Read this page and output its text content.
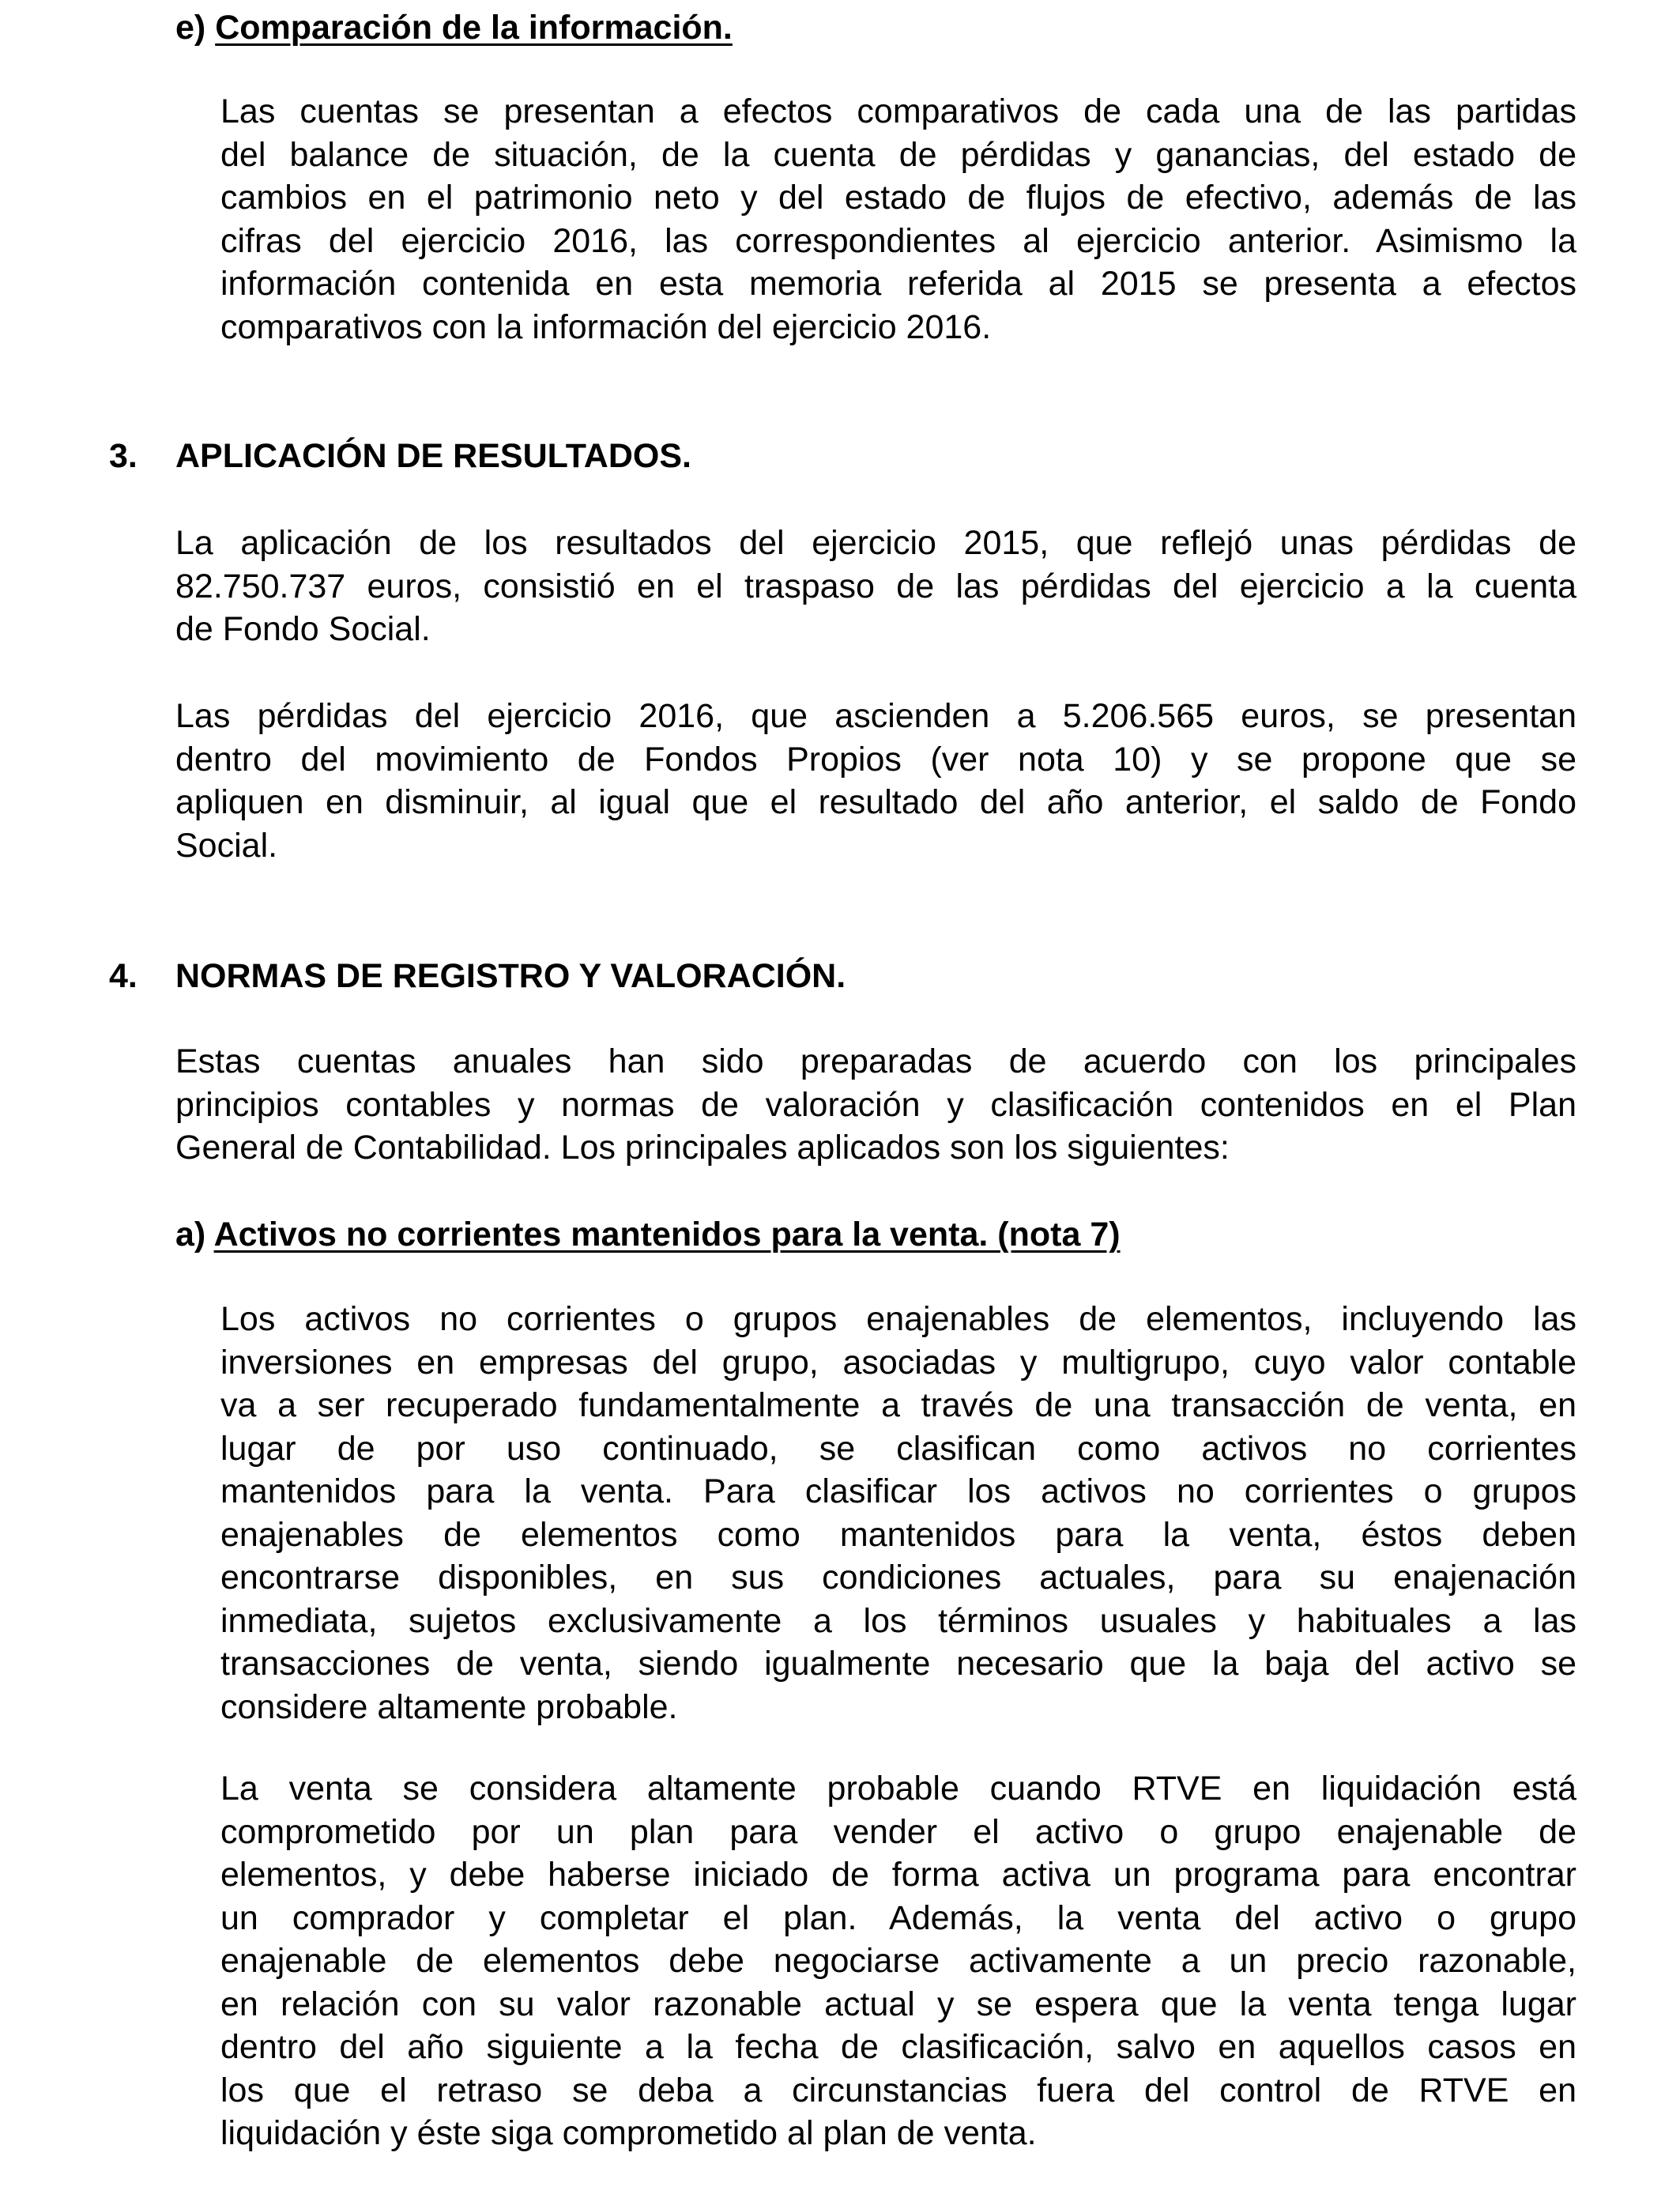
e) Comparación de la información.
Las cuentas se presentan a efectos comparativos de cada una de las partidas
del balance de situación, de la cuenta de pérdidas y ganancias, del estado de
cambios en el patrimonio neto y del estado de flujos de efectivo, además de las
cifras del ejercicio 2016, las correspondientes al ejercicio anterior. Asimismo la
información contenida en esta memoria referida al 2015 se presenta a efectos
comparativos con la información del ejercicio 2016.
3. APLICACIÓN DE RESULTADOS.
La aplicación de los resultados del ejercicio 2015, que reflejó unas pérdidas de
82.750.737 euros, consistió en el traspaso de las pérdidas del ejercicio a la cuenta
de Fondo Social.
Las pérdidas del ejercicio 2016, que ascienden a 5.206.565 euros, se presentan
dentro del movimiento de Fondos Propios (ver nota 10) y se propone que se
apliquen en disminuir, al igual que el resultado del año anterior, el saldo de Fondo
Social.
4. NORMAS DE REGISTRO Y VALORACIÓN.
Estas cuentas anuales han sido preparadas de acuerdo con los principales
principios contables y normas de valoración y clasificación contenidos en el Plan
General de Contabilidad. Los principales aplicados son los siguientes:
a) Activos no corrientes mantenidos para la venta. (nota 7)
Los activos no corrientes o grupos enajenables de elementos, incluyendo las
inversiones en empresas del grupo, asociadas y multigrupo, cuyo valor contable
va a ser recuperado fundamentalmente a través de una transacción de venta, en
lugar de por uso continuado, se clasifican como activos no corrientes
mantenidos para la venta. Para clasificar los activos no corrientes o grupos
enajenables de elementos como mantenidos para la venta, éstos deben
encontrarse disponibles, en sus condiciones actuales, para su enajenación
inmediata, sujetos exclusivamente a los términos usuales y habituales a las
transacciones de venta, siendo igualmente necesario que la baja del activo se
considere altamente probable.
La venta se considera altamente probable cuando RTVE en liquidación está
comprometido por un plan para vender el activo o grupo enajenable de
elementos, y debe haberse iniciado de forma activa un programa para encontrar
un comprador y completar el plan. Además, la venta del activo o grupo
enajenable de elementos debe negociarse activamente a un precio razonable,
en relación con su valor razonable actual y se espera que la venta tenga lugar
dentro del año siguiente a la fecha de clasificación, salvo en aquellos casos en
los que el retraso se deba a circunstancias fuera del control de RTVE en
liquidación y éste siga comprometido al plan de venta.
